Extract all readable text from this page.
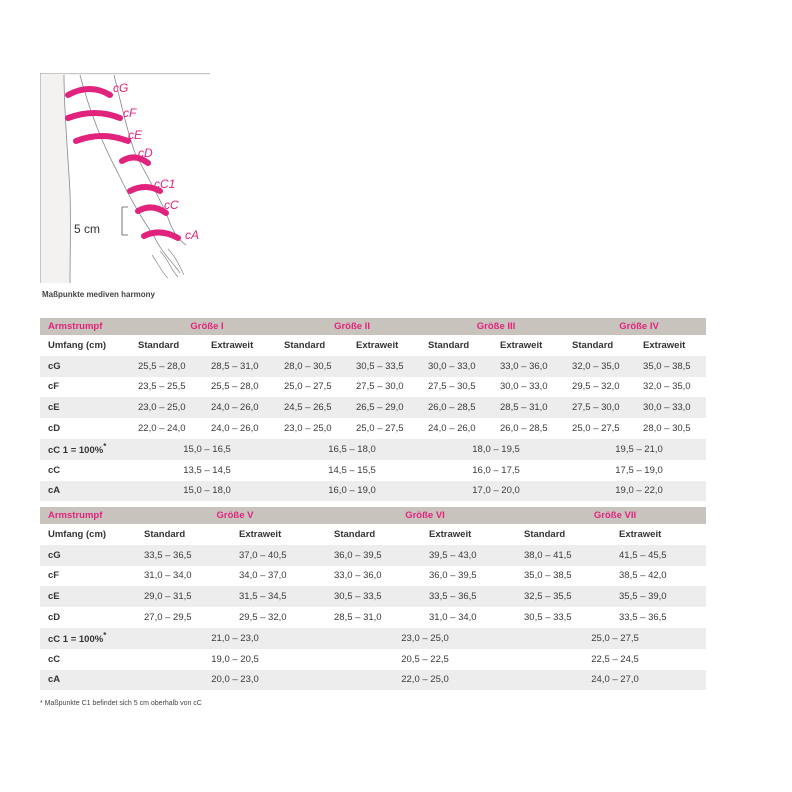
cG
cF
cE
cD
cC1
cC
cA
5 cm
Maßpunkte mediven harmony
Armstrumpf	Größe I		Größe II		Größe III		Größe IV	
Umfang (cm)	Standard	Extraweit	Standard	Extraweit	Standard	Extraweit	Standard	Extraweit
cG	25,5 – 28,0	28,5 – 31,0	28,0 – 30,5	30,5 – 33,5	30,0 – 33,0	33,0 – 36,0	32,0 – 35,0	35,0 – 38,5
cF	23,5 – 25,5	25,5 – 28,0	25,0 – 27,5	27,5 – 30,0	27,5 – 30,5	30,0 – 33,0	29,5 – 32,0	32,0 – 35,0
cE	23,0 – 25,0	24,0 – 26,0	24,5 – 26,5	26,5 – 29,0	26,0 – 28,5	28,5 – 31,0	27,5 – 30,0	30,0 – 33,0
cD	22,0 – 24,0	24,0 – 26,0	23,0 – 25,0	25,0 – 27,5	24,0 – 26,0	26,0 – 28,5	25,0 – 27,5	28,0 – 30,5
cC 1 = 100%*	15,0 – 16,5		16,5 – 18,0		18,0 – 19,5		19,5 – 21,0	
cC	13,5 – 14,5		14,5 – 15,5		16,0 – 17,5		17,5 – 19,0	
cA	15,0 – 18,0		16,0 – 19,0		17,0 – 20,0		19,0 – 22,0	
Armstrumpf	Größe V		Größe VI		Größe VII	
Umfang (cm)	Standard	Extraweit	Standard	Extraweit	Standard	Extraweit
cG	33,5 – 36,5	37,0 – 40,5	36,0 – 39,5	39,5 – 43,0	38,0 – 41,5	41,5 – 45,5
cF	31,0 – 34,0	34,0 – 37,0	33,0 – 36,0	36,0 – 39,5	35,0 – 38,5	38,5 – 42,0
cE	29,0 – 31,5	31,5 – 34,5	30,5 – 33,5	33,5 – 36,5	32,5 – 35,5	35,5 – 39,0
cD	27,0 – 29,5	29,5 – 32,0	28,5 – 31,0	31,0 – 34,0	30,5 – 33,5	33,5 – 36,5
cC 1 = 100%*	21,0 – 23,0		23,0 – 25,0		25,0 – 27,5	
cC	19,0 – 20,5		20,5 – 22,5		22,5 – 24,5	
cA	20,0 – 23,0		22,0 – 25,0		24,0 – 27,0	
* Maßpunkte C1 befindet sich 5 cm oberhalb von cC
